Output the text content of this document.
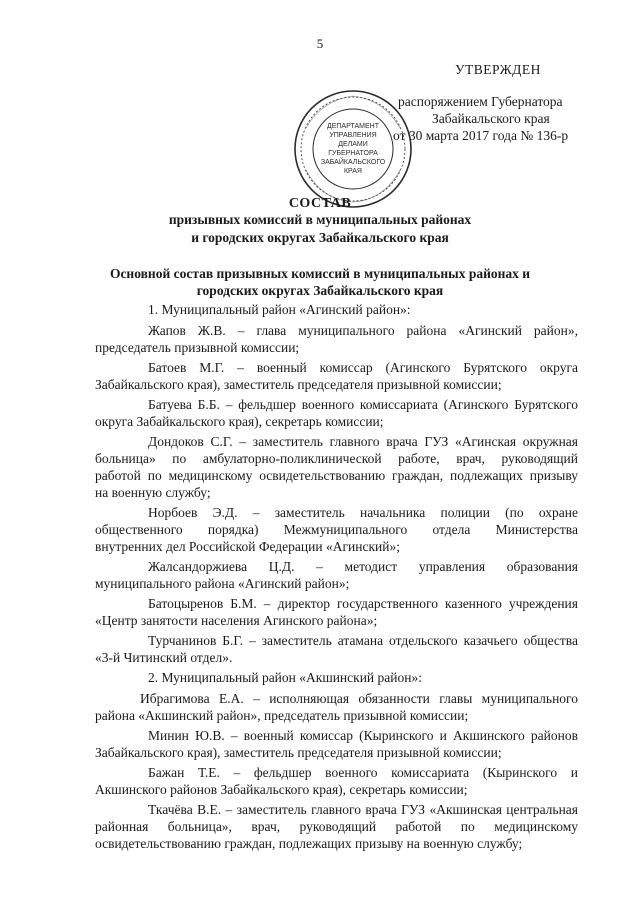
5
ДЕПАРТАМЕНТ
УПРАВЛЕНИЯ
ДЕЛАМИ
ГУБЕРНАТОРА
ЗАБАЙКАЛЬСКОГО
КРАЯ
УТВЕРЖДЕН
распоряжением Губернатора
Забайкальского края
от 30 марта 2017 года № 136-р
СОСТАВ
призывных комиссий в муниципальных районах
и городских округах Забайкальского края
Основной состав призывных комиссий в муниципальных районах и
городских округах Забайкальского края
1. Муниципальный район «Агинский район»:
Жапов Ж.В. – глава муниципального района «Агинский район»,
председатель призывной комиссии;
Батоев М.Г. – военный комиссар (Агинского Бурятского округа
Забайкальского края), заместитель председателя призывной комиссии;
Батуева Б.Б. – фельдшер военного комиссариата (Агинского Бурятского
округа Забайкальского края), секретарь комиссии;
Дондоков С.Г. – заместитель главного врача ГУЗ «Агинская окружная
больница» по амбулаторно-поликлинической работе, врач, руководящий
работой по медицинскому освидетельствованию граждан, подлежащих призыву
на военную службу;
Норбоев Э.Д. – заместитель начальника полиции (по охране
общественного порядка) Межмуниципального отдела Министерства
внутренних дел Российской Федерации «Агинский»;
Жалсандоржиева Ц.Д. – методист управления образования
муниципального района «Агинский район»;
Батоцыренов Б.М. – директор государственного казенного учреждения
«Центр занятости населения Агинского района»;
Турчанинов Б.Г. – заместитель атамана отдельского казачьего общества
«3-й Читинский отдел».
2. Муниципальный район «Акшинский район»:
Ибрагимова Е.А. – исполняющая обязанности главы муниципального
района «Акшинский район», председатель призывной комиссии;
Минин Ю.В. – военный комиссар (Кыринского и Акшинского районов
Забайкальского края), заместитель председателя призывной комиссии;
Бажан Т.Е. – фельдшер военного комиссариата (Кыринского и
Акшинского районов Забайкальского края), секретарь комиссии;
Ткачёва В.Е. – заместитель главного врача ГУЗ «Акшинская центральная
районная больница», врач, руководящий работой по медицинскому
освидетельствованию граждан, подлежащих призыву на военную службу;
